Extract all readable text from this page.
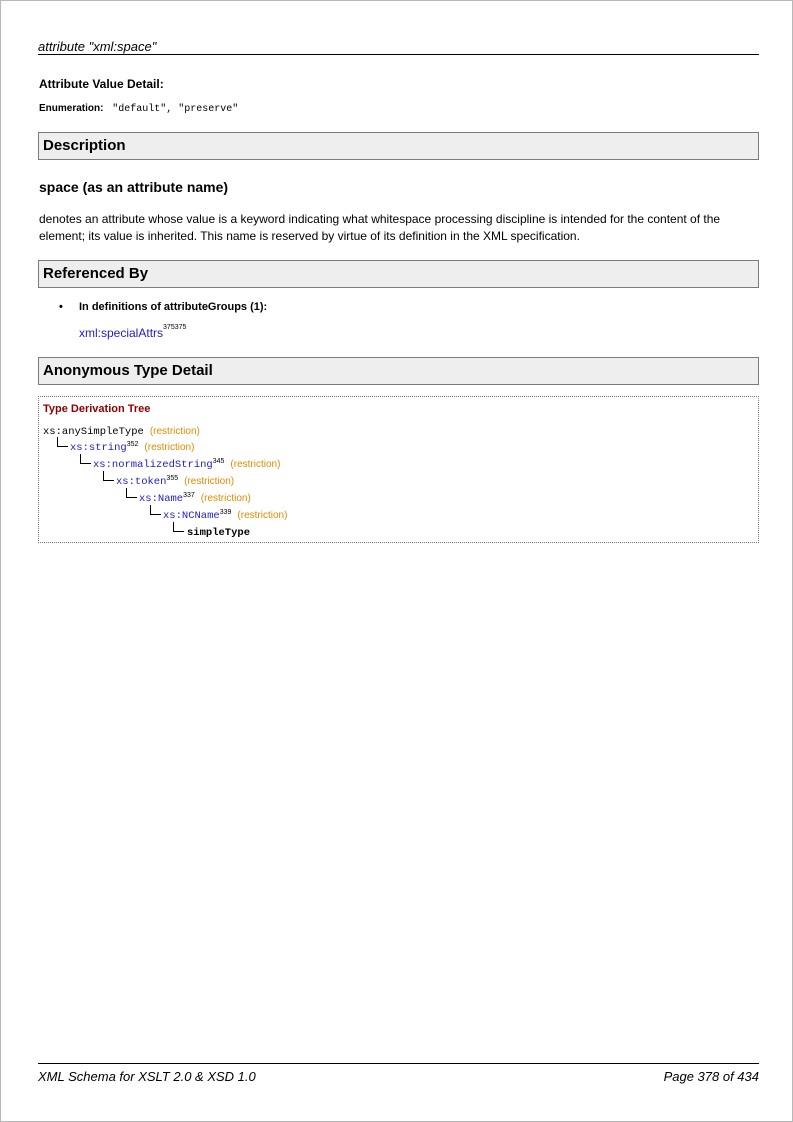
attribute "xml:space"
Attribute Value Detail:
Enumeration: "default", "preserve"
Description
space (as an attribute name)
denotes an attribute whose value is a keyword indicating what whitespace processing discipline is intended for the content of the element; its value is inherited. This name is reserved by virtue of its definition in the XML specification.
Referenced By
• In definitions of attributeGroups (1):
xml:specialAttrs$^{375375}$
Anonymous Type Detail
Type Derivation Tree
xs:anySimpleType (restriction)
xs:string$^{352}$ (restriction)
xs:normalizedString$^{345}$ (restriction)
xs:token$^{355}$ (restriction)
xs:Name$^{337}$ (restriction)
xs:NCName$^{339}$ (restriction)
simpleType
XML Schema for XSLT 2.0 & XSD 1.0	Page 378 of 434
